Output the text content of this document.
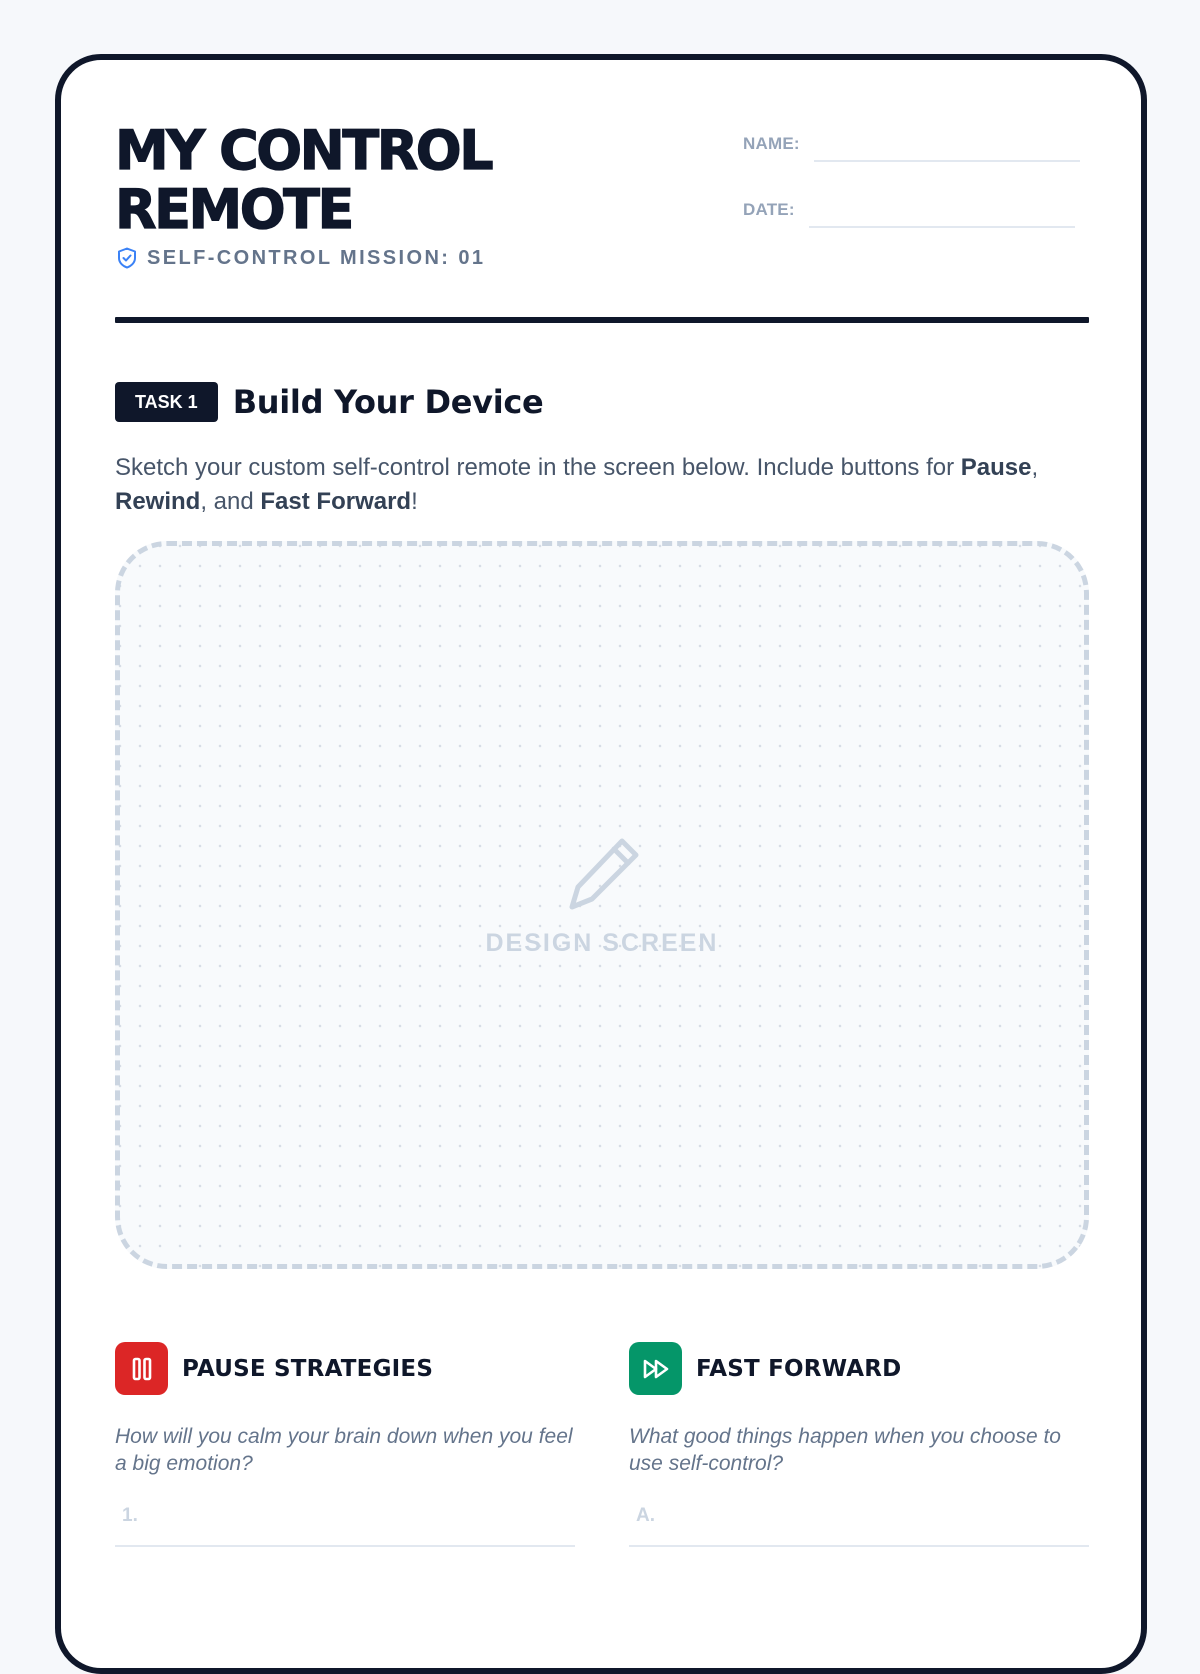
MY CONTROL
REMOTE
SELF-CONTROL MISSION: 01
NAME:
DATE:
TASK 1	Build Your Device

Sketch your custom self-control remote in the screen below. Include buttons for Pause, Rewind, and Fast Forward!

DESIGN SCREEN
PAUSE STRATEGIES

How will you calm your brain down when you feel a big emotion?

1.
FAST FORWARD

What good things happen when you choose to use self-control?

A.
